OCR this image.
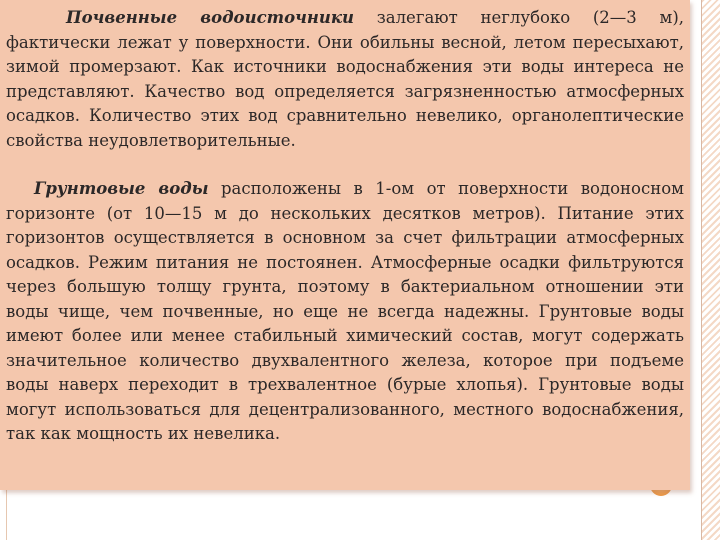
Почвенные водоисточники залегают неглубоко (2—3 м), фактически лежат у поверхности. Они обильны весной, летом пересыхают, зимой промерзают. Как источники водоснабжения эти воды интереса не представляют. Качество вод определяется загрязненностью атмосферных осадков. Количество этих вод сравнительно невелико, органолептические свойства неудовлетворительные.

Грунтовые воды расположены в 1-ом от поверхности водоносном горизонте (от 10—15 м до нескольких десятков метров). Питание этих горизонтов осуществляется в основном за счет фильтрации атмосферных осадков. Режим питания не постоянен. Атмосферные осадки фильтруются через большую толщу грунта, поэтому в бактериальном отношении эти воды чище, чем почвенные, но еще не всегда надежны. Грунтовые воды имеют более или менее стабильный химический состав, могут содержать значительное количество двухвалентного железа, которое при подъеме воды наверх переходит в трехвалентное (бурые хлопья). Грунтовые воды могут использоваться для децентрализованного, местного водоснабжения, так как мощность их невелика.
